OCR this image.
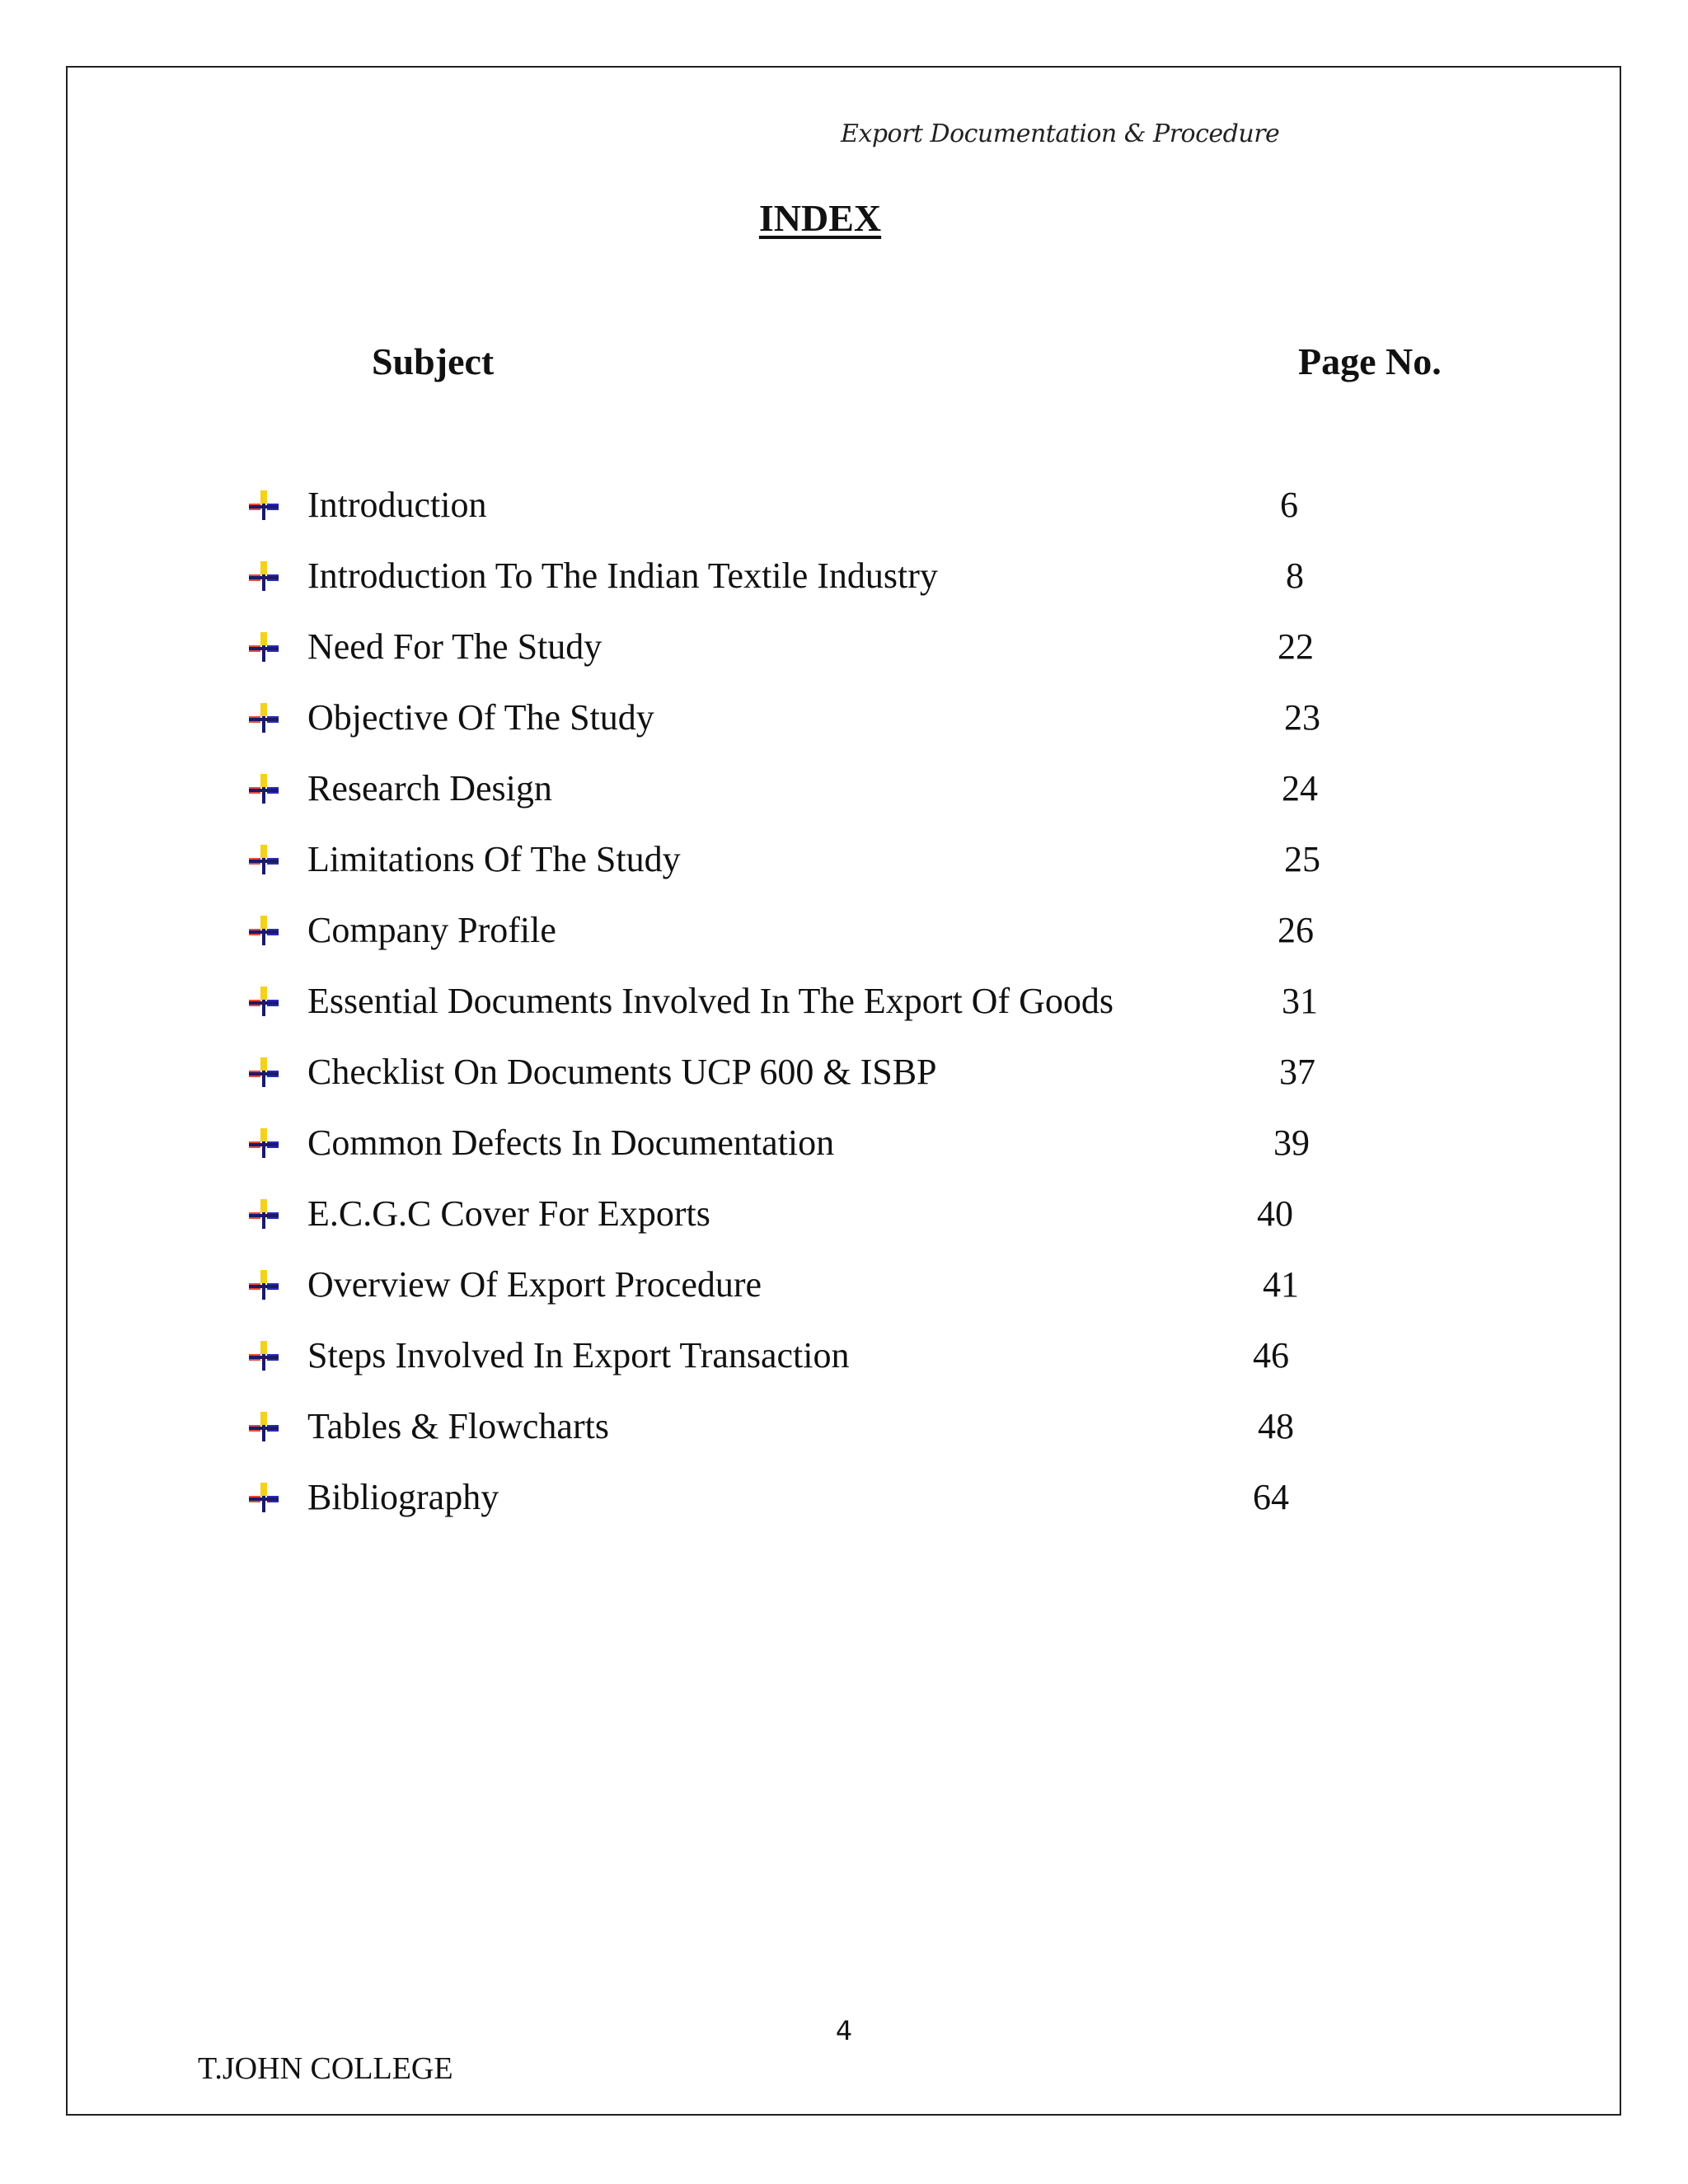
Export Documentation & Procedure
INDEX
Subject	Page No.
Introduction	6
Introduction To The Indian Textile Industry	8
Need For The Study	22
Objective Of The Study	23
Research Design	24
Limitations Of The Study	25
Company Profile	26
Essential Documents Involved In The Export Of Goods	31
Checklist On Documents UCP 600 & ISBP	37
Common Defects In Documentation	39
E.C.G.C Cover For Exports	40
Overview Of Export Procedure	41
Steps Involved In Export Transaction	46
Tables & Flowcharts	48
Bibliography	64
4
T.JOHN COLLEGE
